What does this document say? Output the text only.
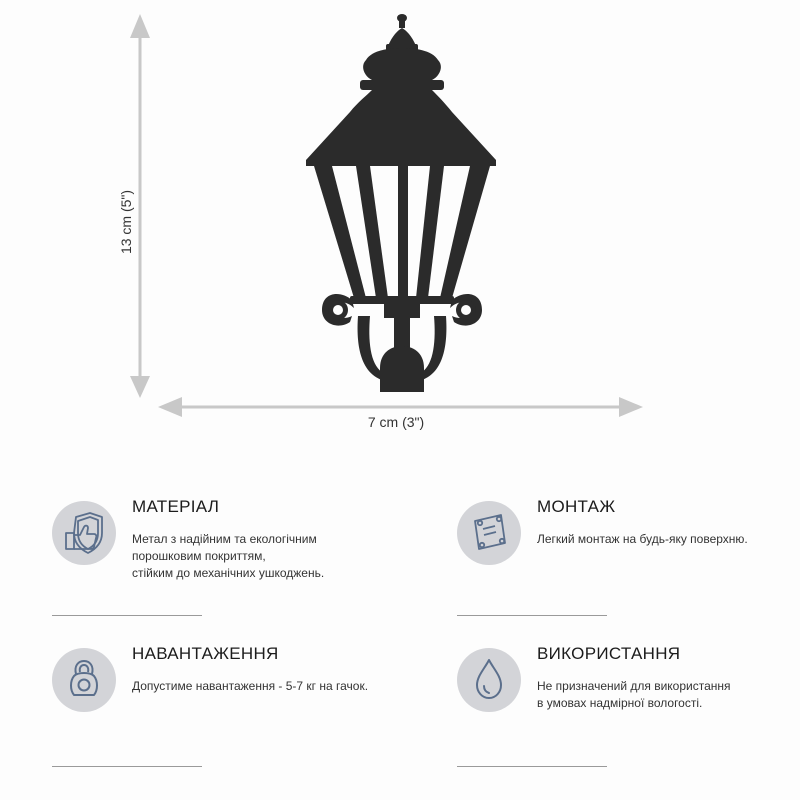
13 cm (5")
7 cm (3")
МАТЕРІАЛ

Метал з надійним та екологічним
порошковим покриттям,
стійким до механічних ушкоджень.

МОНТАЖ

Легкий монтаж на будь-яку поверхню.

НАВАНТАЖЕННЯ

Допустиме навантаження - 5-7 кг на гачок.

ВИКОРИСТАННЯ

Не призначений для використання
в умовах надмірної вологості.
